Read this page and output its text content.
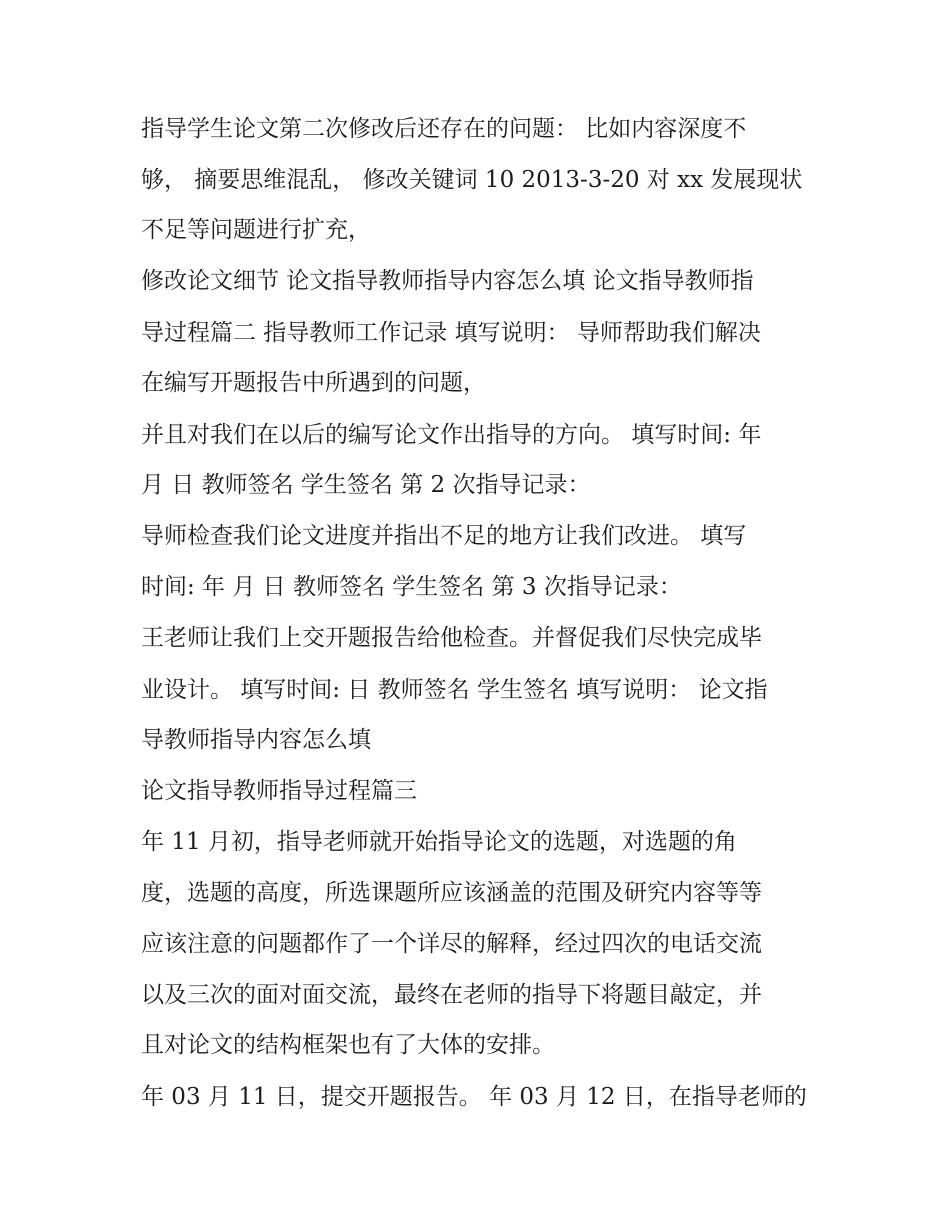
指导学生论文第二次修改后还存在的问题： 比如内容深度不
够， 摘要思维混乱， 修改关键词 10 2013-3-20 对 xx 发展现状
不足等问题进行扩充，
修改论文细节 论文指导教师指导内容怎么填 论文指导教师指
导过程篇二 指导教师工作记录 填写说明： 导师帮助我们解决
在编写开题报告中所遇到的问题，
并且对我们在以后的编写论文作出指导的方向。 填写时间: 年
月 日 教师签名 学生签名 第 2 次指导记录：
导师检查我们论文进度并指出不足的地方让我们改进。 填写
时间: 年 月 日 教师签名 学生签名 第 3 次指导记录：
王老师让我们上交开题报告给他检查。并督促我们尽快完成毕
业设计。 填写时间: 日 教师签名 学生签名 填写说明： 论文指
导教师指导内容怎么填
论文指导教师指导过程篇三
年 11 月初，指导老师就开始指导论文的选题，对选题的角
度，选题的高度，所选课题所应该涵盖的范围及研究内容等等
应该注意的问题都作了一个详尽的解释，经过四次的电话交流
以及三次的面对面交流，最终在老师的指导下将题目敲定，并
且对论文的结构框架也有了大体的安排。
年 03 月 11 日，提交开题报告。 年 03 月 12 日，在指导老师的
